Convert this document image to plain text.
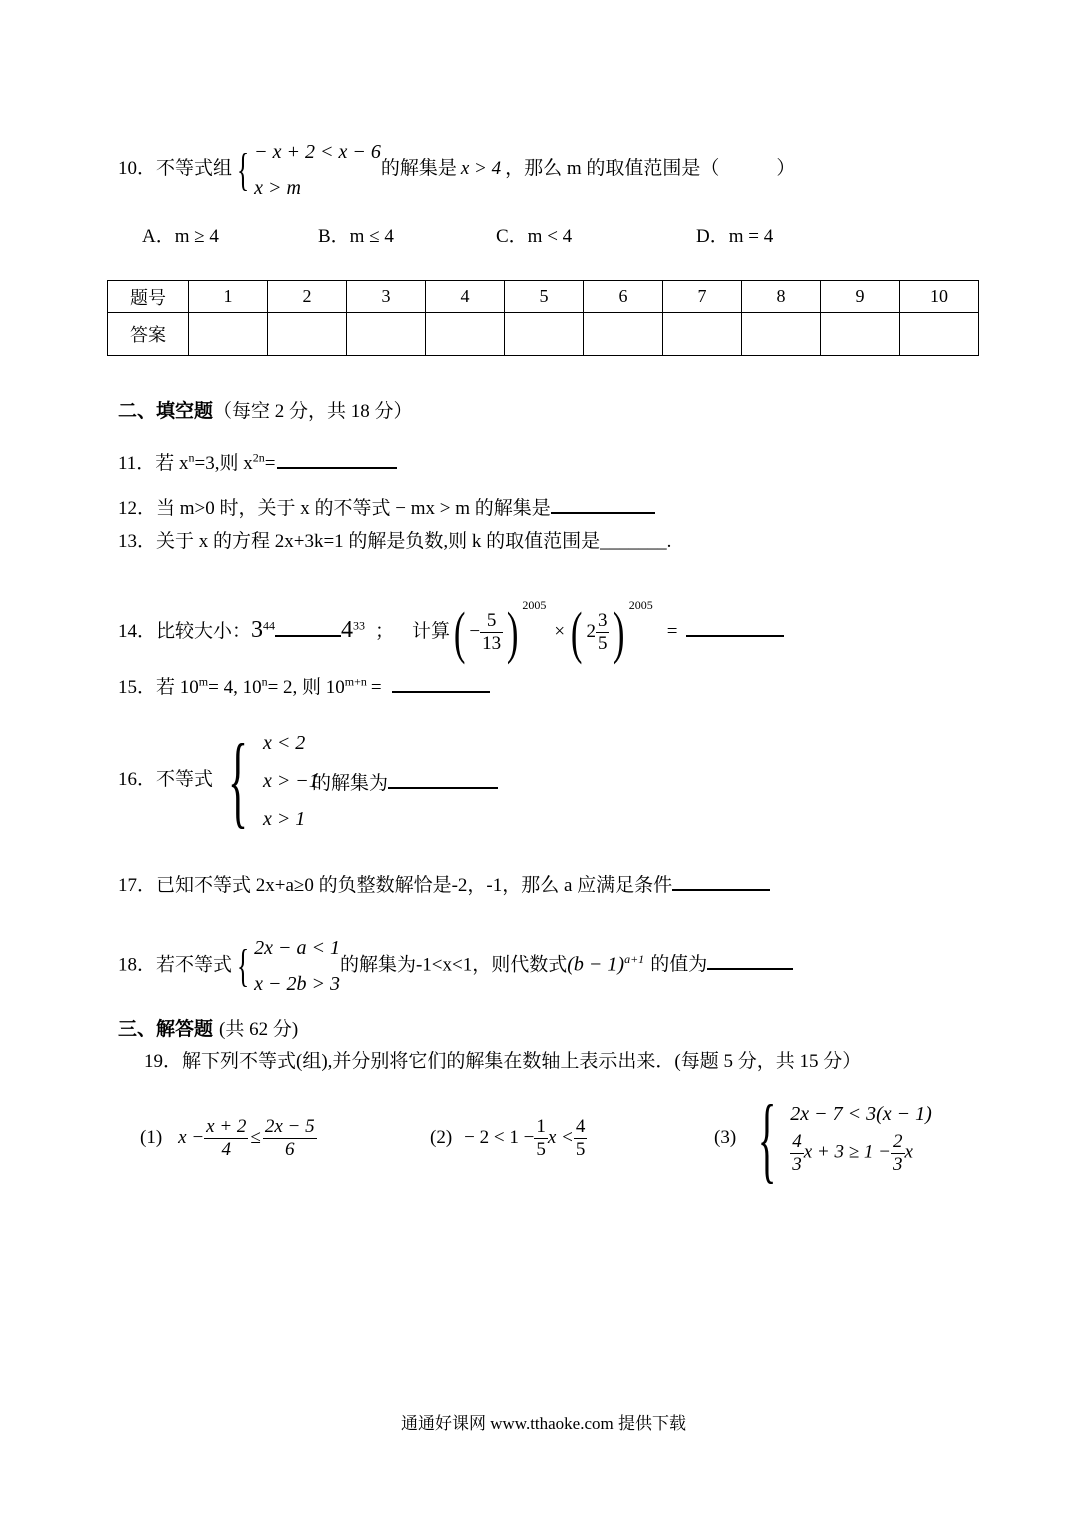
10．不等式组 { − x + 2 < x − 6
x > m
的解集是 x > 4 ，那么 m 的取值范围是（　　　）
A．m ≥ 4	B．m ≤ 4	C．m < 4	D．m = 4
题号	1	2	3	4	5	6	7	8	9	10
答案										
二、填空题（每空 2 分，共 18 分）
11．若 $x^n=3$,则 $x^{2n}=$
12．当 m>0 时，关于 x 的不等式 − mx > m 的解集是
13．关于 x 的方程 2x+3k=1 的解是负数,则 k 的取值范围是_______.
14．比较大小：$3^{44}$	$4^{33}$ ； 计算( − $\frac{5}{13}$ ) $^{2005}$× ( $2 \frac{3}{5}$ ) $^{2005}$=
15．若 $10^m= 4$, $10^n= 2$, 则 $10^{m+n}$ =
16．不等式 { x < 2
x > −1
x > 1
的解集为
17．已知不等式 2x+a≥0 的负整数解恰是-2，-1，那么 a 应满足条件
18．若不等式 { 2x − a < 1
x − 2b > 3
的解集为-1<x<1，则代数式$(b - 1)^{a+1}$ 的值为
三、解答题 (共 62 分)
19．解下列不等式(组),并分别将它们的解集在数轴上表示出来．(每题 5 分，共 15 分）
(1) $x - \frac{x + 2}{4} \le \frac{2x - 5}{6}$	$(2) - 2 < 1 - \frac{1}{5}$ $x < \frac{4}{5}$	(3) { 2x − 7 < 3(x − 1)
$\frac{4}{3}$ $x + 3 \ge 1 - \frac{2}{3}$ x
通通好课网 www.tthaoke.com 提供下载
